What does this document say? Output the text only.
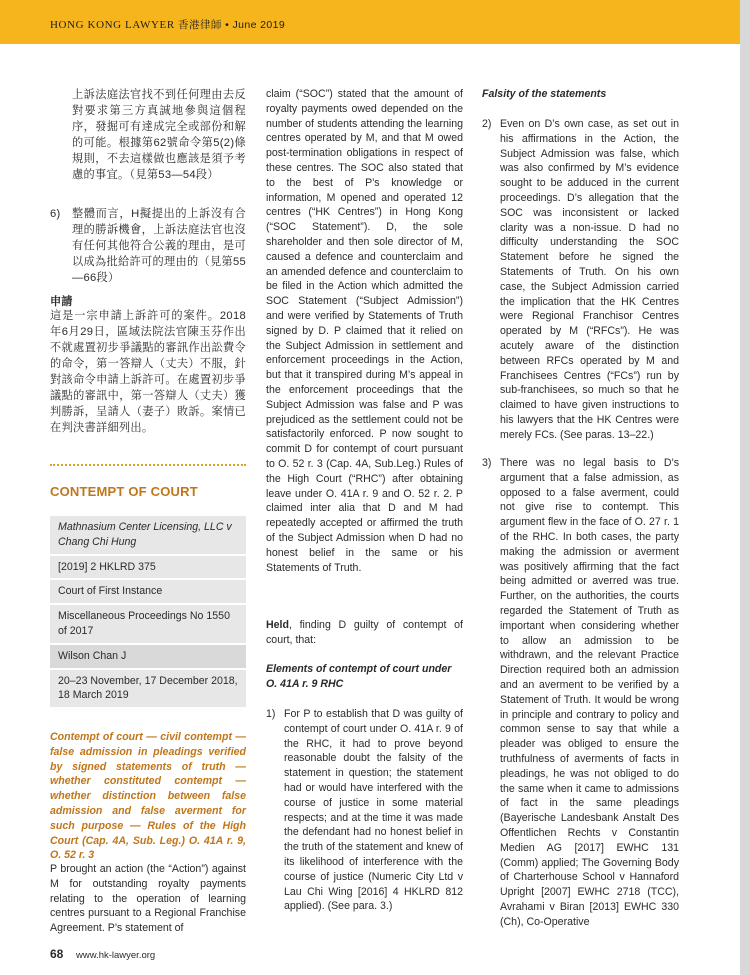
HONG KONG LAWYER 香港律師 • June 2019

上訴法庭法官找不到任何理由去反對要求第三方真誠地參與這個程序，發掘可有達成完全或部份和解的可能。根據第62號命令第5(2)條規則，不去這樣做也應該是須予考慮的事宜。（見第53—54段）

6) 整體而言，H擬提出的上訴沒有合理的勝訴機會，上訴法庭法官也沒有任何其他符合公義的理由，是可以成為批給許可的理由的（見第55—66段）
申請

這是一宗申請上訴許可的案件。2018年6月29日，區域法院法官陳玉芬作出不就處置初步爭議點的審訊作出訟費令的命令，第一答辯人（丈夫）不服，針對該命令申請上訴許可。在處置初步爭議點的審訊中，第一答辯人（丈夫）獲判勝訴，呈請人（妻子）敗訴。案情已在判決書詳細列出。

CONTEMPT OF COURT
Mathnasium Center Licensing, LLC v Chang Chi Hung
[2019] 2 HKLRD 375
Court of First Instance
Miscellaneous Proceedings No 1550 of 2017
Wilson Chan J
20–23 November, 17 December 2018, 18 March 2019

Contempt of court — civil contempt — false admission in pleadings verified by signed statements of truth — whether constituted contempt — whether distinction between false admission and false averment for such purpose — Rules of the High Court (Cap. 4A, Sub. Leg.) O. 41A r. 9, O. 52 r. 3

P brought an action (the “Action”) against M for outstanding royalty payments relating to the operation of learning centres pursuant to a Regional Franchise Agreement. P’s statement of

claim (“SOC”) stated that the amount of royalty payments owed depended on the number of students attending the learning centres operated by M, and that M owed post-termination obligations in respect of these centres. The SOC also stated that to the best of P’s knowledge or information, M opened and operated 12 centres (“HK Centres”) in Hong Kong (“SOC Statement”). D, the sole shareholder and then sole director of M, caused a defence and counterclaim and an amended defence and counterclaim to be filed in the Action which admitted the SOC Statement (“Subject Admission”) and were verified by Statements of Truth signed by D. P claimed that it relied on the Subject Admission in settlement and enforcement proceedings in the Action, but that it transpired during M’s appeal in the enforcement proceedings that the Subject Admission was false and P was prejudiced as the settlement could not be satisfactorily enforced. P now sought to commit D for contempt of court pursuant to O. 52 r. 3 (Cap. 4A, Sub.Leg.) Rules of the High Court (“RHC”) after obtaining leave under O. 41A r. 9 and O. 52 r. 2. P claimed inter alia that D and M had repeatedly accepted or affirmed the truth of the Subject Admission when D had no honest belief in the same or his Statements of Truth.

Held, finding D guilty of contempt of court, that:

Elements of contempt of court under O. 41A r. 9 RHC
1) For P to establish that D was guilty of contempt of court under O. 41A r. 9 of the RHC, it had to prove beyond reasonable doubt the falsity of the statement in question; the statement had or would have interfered with the course of justice in some material respects; and at the time it was made the defendant had no honest belief in the truth of the statement and knew of its likelihood of interference with the course of justice (Numeric City Ltd v Lau Chi Wing [2016] 4 HKLRD 812 applied). (See para. 3.)
Falsity of the statements
2) Even on D’s own case, as set out in his affirmations in the Action, the Subject Admission was false, which was also confirmed by M’s evidence sought to be adduced in the current proceedings. D’s allegation that the SOC was inconsistent or lacked clarity was a non-issue. D had no difficulty understanding the SOC Statement before he signed the Statements of Truth. On his own case, the Subject Admission carried the implication that the HK Centres were Regional Franchisor Centres operated by M (“RFCs”). He was acutely aware of the distinction between RFCs operated by M and Franchisees Centres (“FCs”) run by sub-franchisees, so much so that he claimed to have given instructions to his lawyers that the HK Centres were merely FCs. (See paras. 13–22.)
3) There was no legal basis to D’s argument that a false admission, as opposed to a false averment, could not give rise to contempt. This argument flew in the face of O. 27 r. 1 of the RHC. In both cases, the party making the admission or averment was positively affirming that the fact being admitted or averred was true. Further, on the authorities, the courts regarded the Statement of Truth as important when considering whether to allow an admission to be withdrawn, and the relevant Practice Direction required both an admission and an averment to be verified by a Statement of Truth. It would be wrong in principle and contrary to policy and common sense to say that while a pleader was obliged to ensure the truthfulness of averments of facts in pleadings, he was not obliged to do the same when it came to admissions of fact in the same pleadings (Bayerische Landesbank Anstalt Des Offentlichen Rechts v Constantin Medien AG [2017] EWHC 131 (Comm) applied; The Governing Body of Charterhouse School v Hannaford Upright [2007] EWHC 2718 (TCC), Avrahami v Biran [2013] EWHC 330 (Ch), Co-Operative
68 www.hk-lawyer.org
